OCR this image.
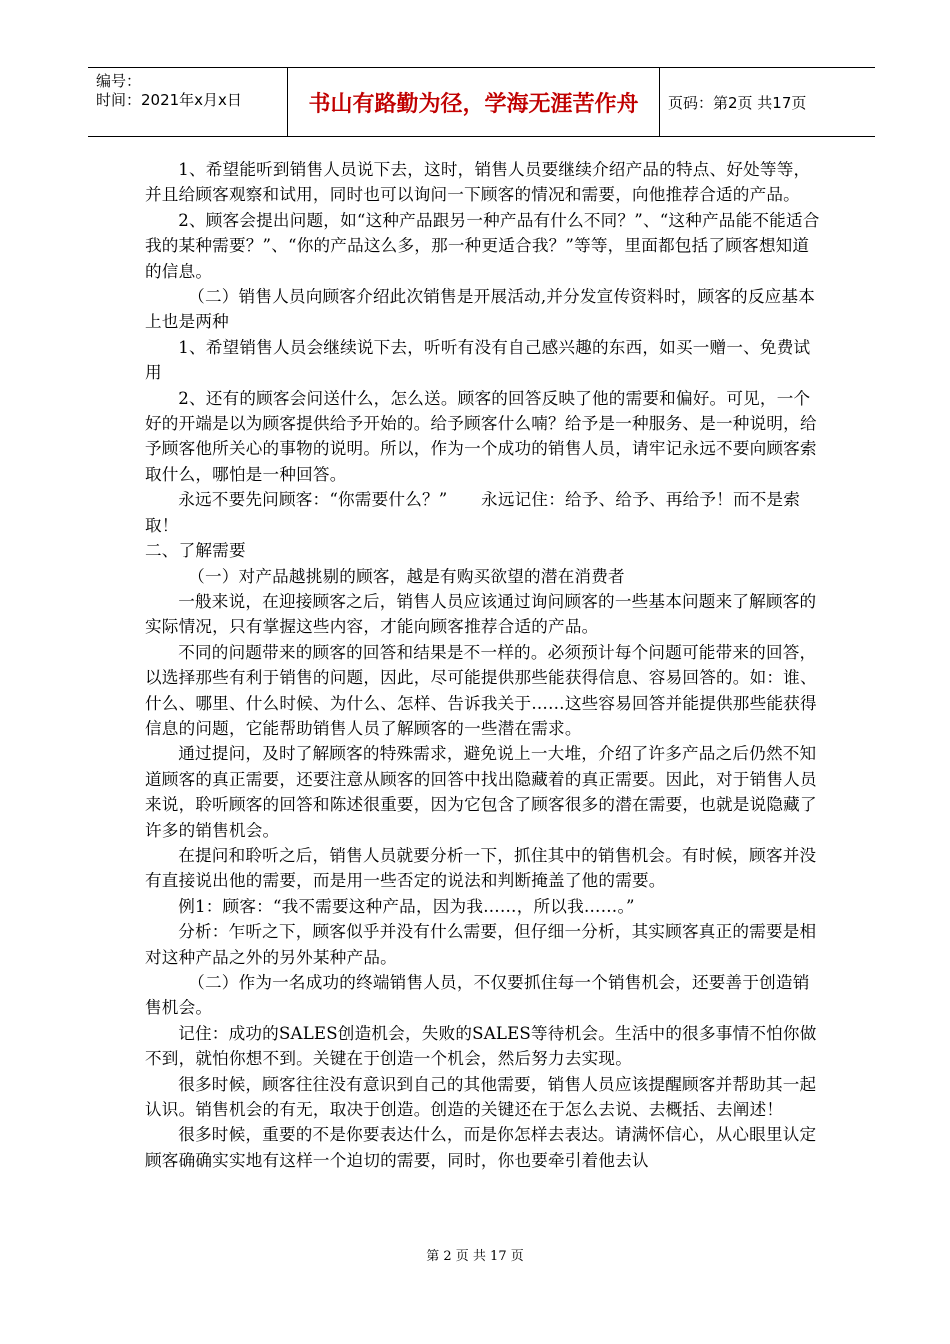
编号：
时间：2021年x月x日	书山有路勤为径，学海无涯苦作舟	页码：第2页 共17页

1、希望能听到销售人员说下去，这时，销售人员要继续介绍产品的特点、好处等等，并且给顾客观察和试用，同时也可以询问一下顾客的情况和需要，向他推荐合适的产品。

2、顾客会提出问题，如“这种产品跟另一种产品有什么不同？”、“这种产品能不能适合我的某种需要？”、“你的产品这么多，那一种更适合我？”等等，里面都包括了顾客想知道的信息。

（二）销售人员向顾客介绍此次销售是开展活动,并分发宣传资料时，顾客的反应基本上也是两种

1、希望销售人员会继续说下去，听听有没有自己感兴趣的东西，如买一赠一、免费试用

2、还有的顾客会问送什么，怎么送。顾客的回答反映了他的需要和偏好。可见，一个好的开端是以为顾客提供给予开始的。给予顾客什么喃？给予是一种服务、是一种说明，给予顾客他所关心的事物的说明。所以，作为一个成功的销售人员，请牢记永远不要向顾客索取什么，哪怕是一种回答。

永远不要先问顾客：“你需要什么？”　　永远记住：给予、给予、再给予！而不是索取！

二、了解需要

（一）对产品越挑剔的顾客，越是有购买欲望的潜在消费者

一般来说，在迎接顾客之后，销售人员应该通过询问顾客的一些基本问题来了解顾客的实际情况，只有掌握这些内容，才能向顾客推荐合适的产品。

不同的问题带来的顾客的回答和结果是不一样的。必须预计每个问题可能带来的回答，以选择那些有利于销售的问题，因此，尽可能提供那些能获得信息、容易回答的。如：谁、什么、哪里、什么时候、为什么、怎样、告诉我关于……这些容易回答并能提供那些能获得信息的问题，它能帮助销售人员了解顾客的一些潜在需求。

通过提问，及时了解顾客的特殊需求，避免说上一大堆，介绍了许多产品之后仍然不知道顾客的真正需要，还要注意从顾客的回答中找出隐藏着的真正需要。因此，对于销售人员来说，聆听顾客的回答和陈述很重要，因为它包含了顾客很多的潜在需要，也就是说隐藏了许多的销售机会。

在提问和聆听之后，销售人员就要分析一下，抓住其中的销售机会。有时候，顾客并没有直接说出他的需要，而是用一些否定的说法和判断掩盖了他的需要。

例1：顾客：“我不需要这种产品，因为我……，所以我……。”

分析：乍听之下，顾客似乎并没有什么需要，但仔细一分析，其实顾客真正的需要是相对这种产品之外的另外某种产品。

（二）作为一名成功的终端销售人员，不仅要抓住每一个销售机会，还要善于创造销售机会。

记住：成功的SALES创造机会，失败的SALES等待机会。生活中的很多事情不怕你做不到，就怕你想不到。关键在于创造一个机会，然后努力去实现。

很多时候，顾客往往没有意识到自己的其他需要，销售人员应该提醒顾客并帮助其一起认识。销售机会的有无，取决于创造。创造的关键还在于怎么去说、去概括、去阐述！

很多时候，重要的不是你要表达什么，而是你怎样去表达。请满怀信心，从心眼里认定顾客确确实实地有这样一个迫切的需要，同时，你也要牵引着他去认

第 2 页 共 17 页
